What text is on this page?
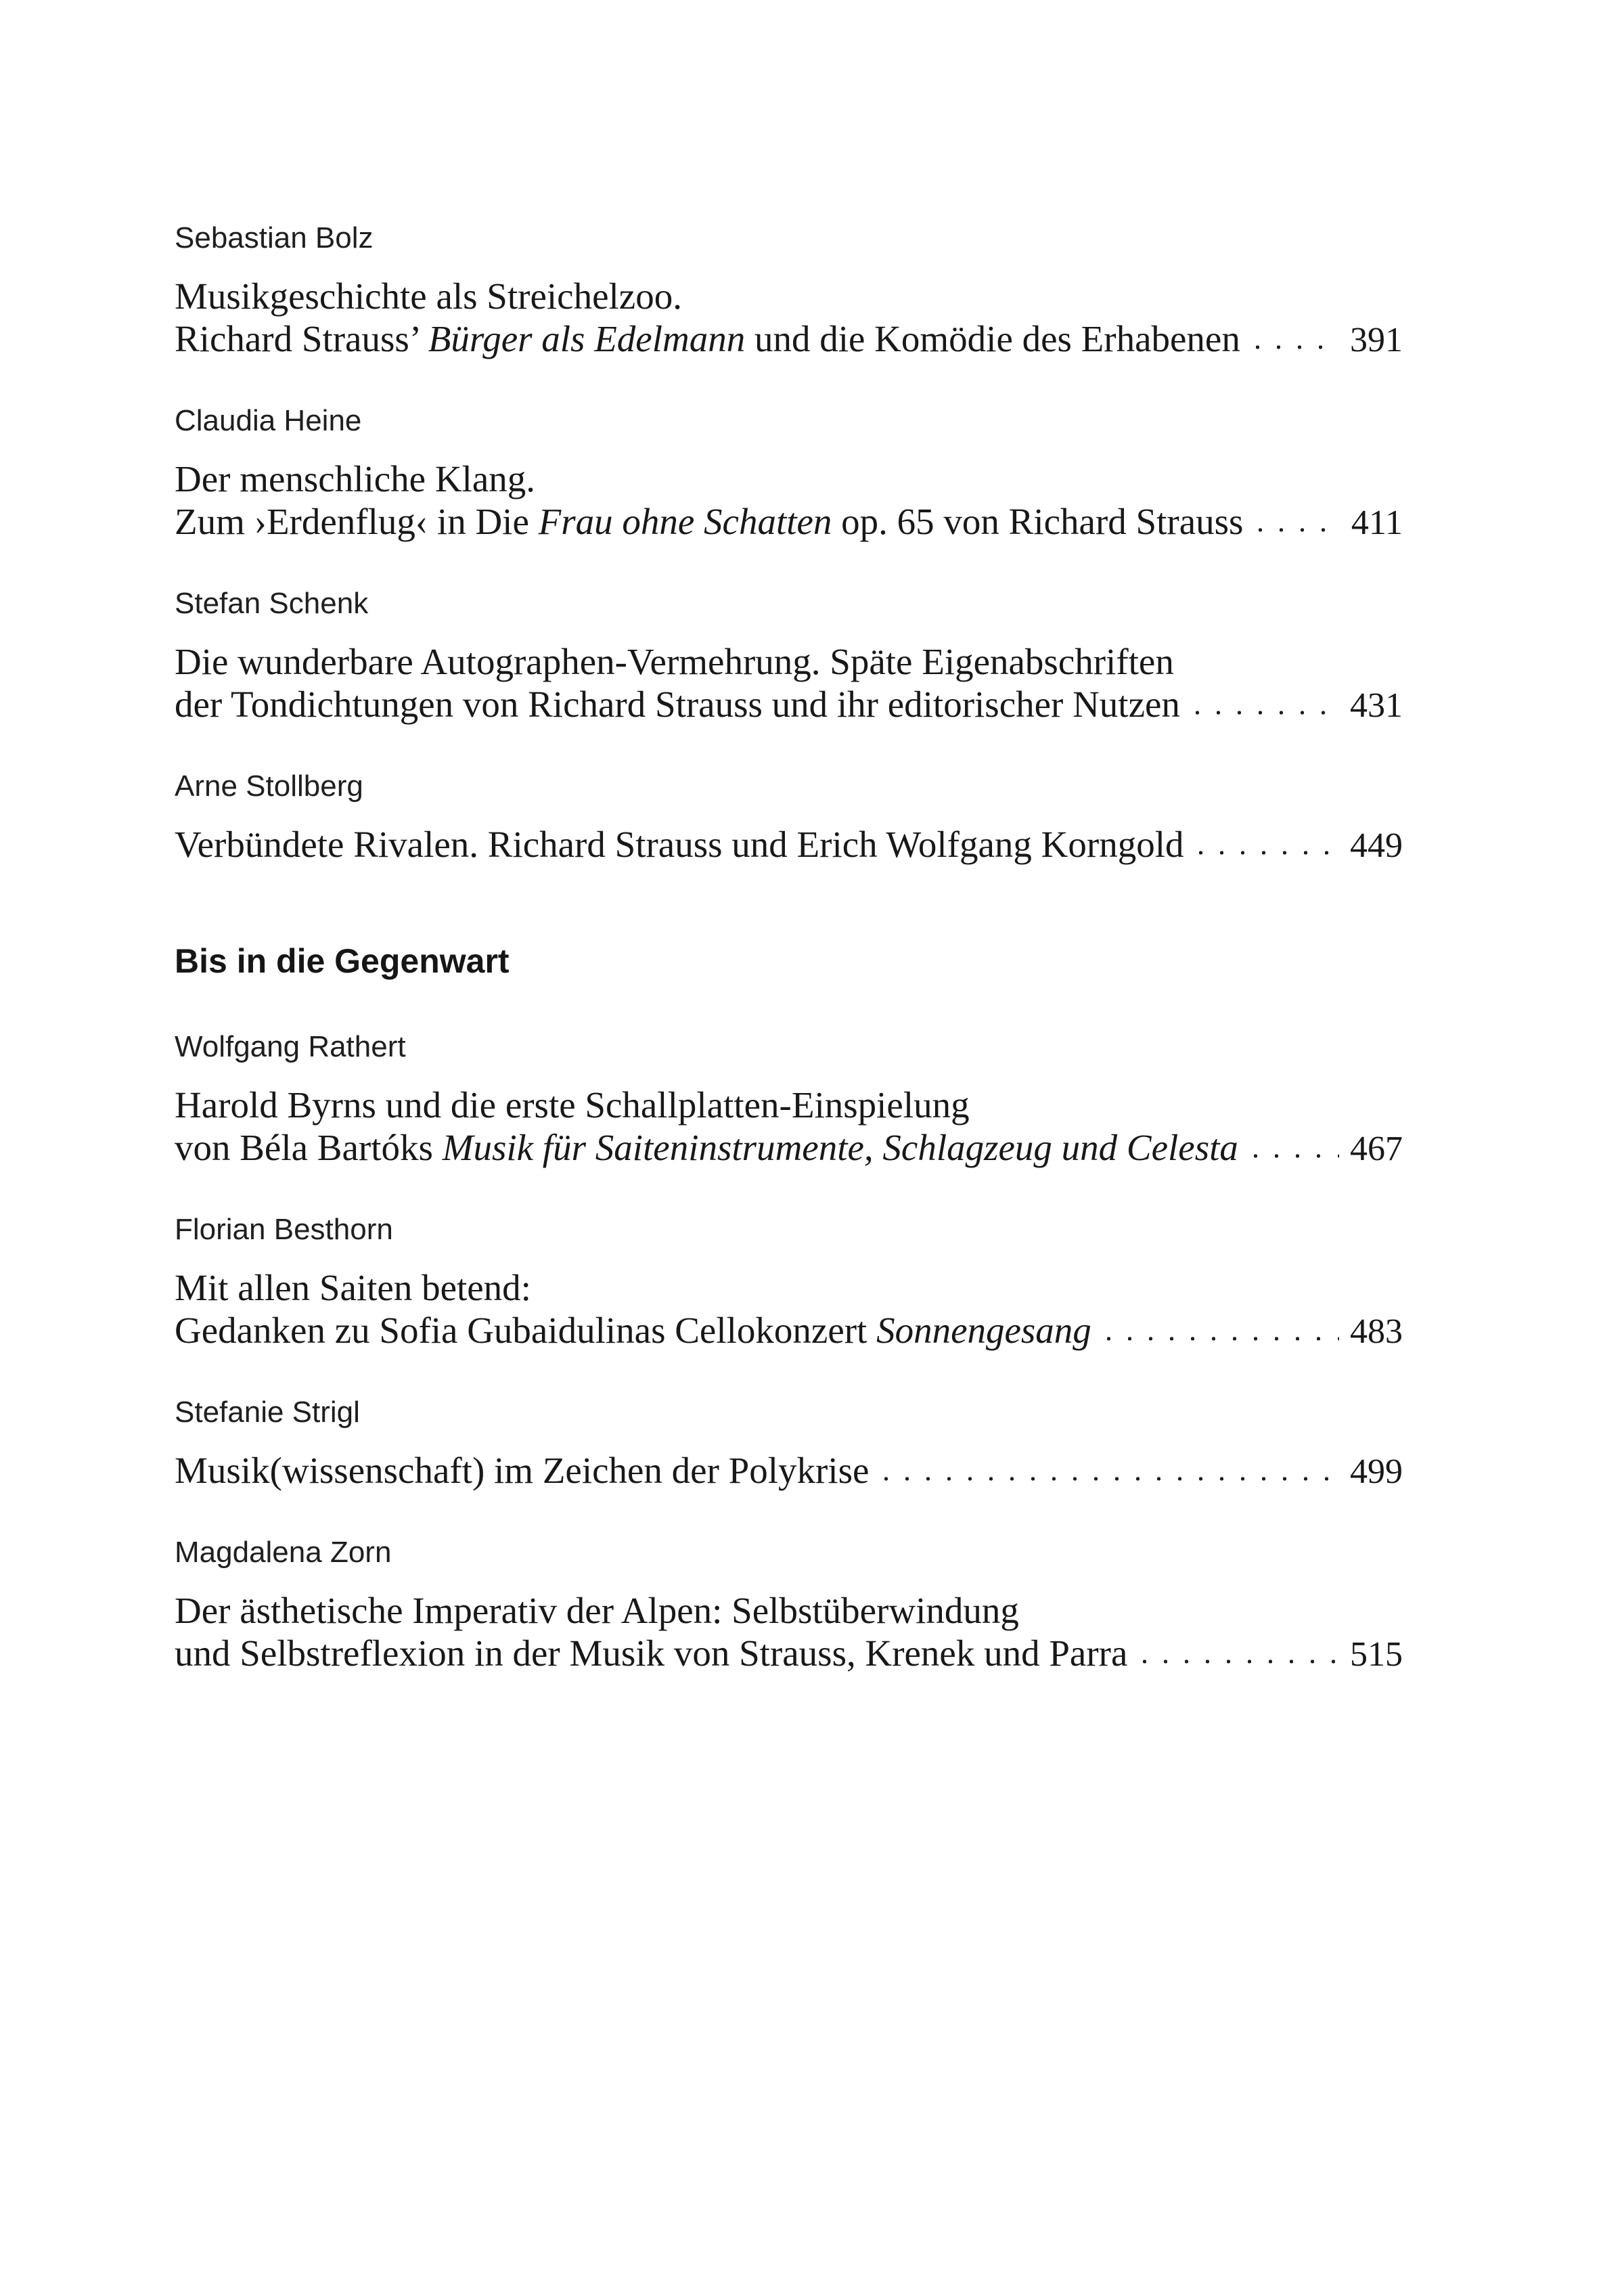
Sebastian Bolz
Musikgeschichte als Streichelzoo.
Richard Strauss’ Bürger als Edelmann und die Komödie des Erhabenen	391
Claudia Heine
Der menschliche Klang.
Zum ›Erdenflug‹ in Die Frau ohne Schatten op. 65 von Richard Strauss	411
Stefan Schenk
Die wunderbare Autographen-Vermehrung. Späte Eigenabschriften
der Tondichtungen von Richard Strauss und ihr editorischer Nutzen	431
Arne Stollberg
Verbündete Rivalen. Richard Strauss und Erich Wolfgang Korngold	449
Bis in die Gegenwart
Wolfgang Rathert
Harold Byrns und die erste Schallplatten-Einspielung
von Béla Bartóks Musik für Saiteninstrumente, Schlagzeug und Celesta	467
Florian Besthorn
Mit allen Saiten betend:
Gedanken zu Sofia Gubaidulinas Cellokonzert Sonnengesang	483
Stefanie Strigl
Musik(wissenschaft) im Zeichen der Polykrise	499
Magdalena Zorn
Der ästhetische Imperativ der Alpen: Selbstüberwindung
und Selbstreflexion in der Musik von Strauss, Krenek und Parra	515
